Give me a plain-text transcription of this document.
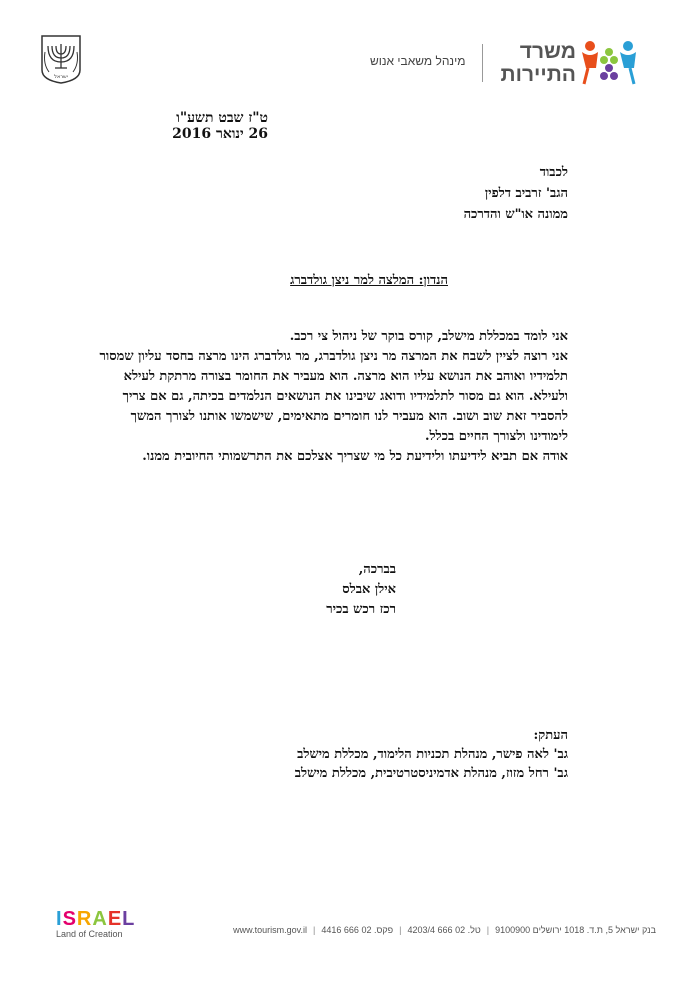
ישראל
מינהל משאבי אנוש	משרד
התיירות
ט"ז שבט תשע"ו
26 ינואר 2016
לכבוד
הגב' זרביב דלפין
ממונה או"ש והדרכה
הנדון: המלצה למר ניצן גולדברג

אני לומד במכללת מישלב, קורס בוקר של ניהול צי רכב.

אני רוצה לציין לשבח את המרצה מר ניצן גולדברג, מר גולדברג הינו מרצה בחסד עליון שמסור תלמידיו ואוהב את הנושא עליו הוא מרצה. הוא מעביר את החומר בצורה מרתקת לעילא ולעילא. הוא גם מסור לתלמידיו ודואג שיבינו את הנושאים הנלמדים בכיתה, גם אם צריך להסביר זאת שוב ושוב. הוא מעביר לנו חומרים מתאימים, שישמשו אותנו לצורך המשך לימודינו ולצורך החיים בכלל.

אודה אם תביא לידיעתו ולידיעת כל מי שצריך אצלכם את התרשמותי החיובית ממנו.

בברכה,
אילן אבלס
רכז רכש בכיר
העתק:
גב' לאה פישר, מנהלת תכניות הלימוד, מכללת מישלב
גב' רחל מזוז, מנהלת אדמיניסטרטיבית, מכללת מישלב
ISRAEL
Land of Creation	בנק ישראל 5, ת.ד. 1018 ירושלים 9100900|טל. 02 666 4203/4|פקס. 02 666 4416|www.tourism.gov.il
